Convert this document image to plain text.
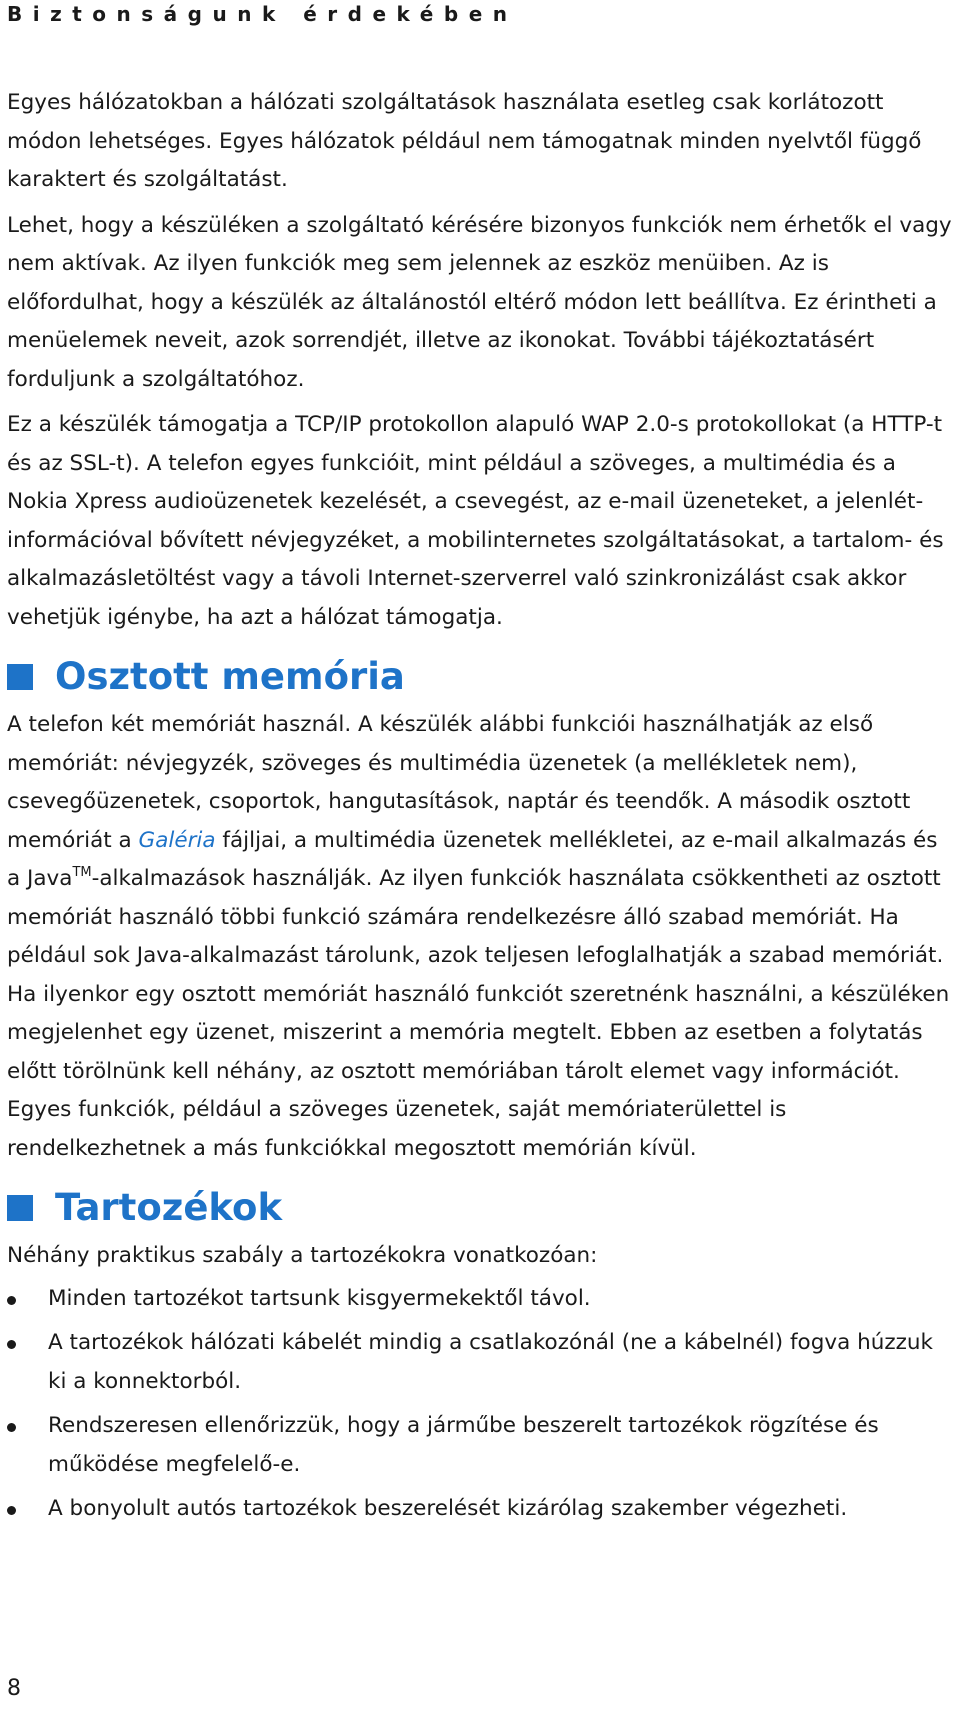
Biztonságunk érdekében

Egyes hálózatokban a hálózati szolgáltatások használata esetleg csak korlátozott módon lehetséges. Egyes hálózatok például nem támogatnak minden nyelvtől függő karaktert és szolgáltatást.

Lehet, hogy a készüléken a szolgáltató kérésére bizonyos funkciók nem érhetők el vagy nem aktívak. Az ilyen funkciók meg sem jelennek az eszköz menüiben. Az is előfordulhat, hogy a készülék az általánostól eltérő módon lett beállítva. Ez érintheti a menüelemek neveit, azok sorrendjét, illetve az ikonokat. További tájékoztatásért forduljunk a szolgáltatóhoz.

Ez a készülék támogatja a TCP/IP protokollon alapuló WAP 2.0-s protokollokat (a HTTP-t és az SSL-t). A telefon egyes funkcióit, mint például a szöveges, a multimédia és a Nokia Xpress audioüzenetek kezelését, a csevegést, az e-mail üzeneteket, a jelenlét-információval bővített névjegyzéket, a mobilinternetes szolgáltatásokat, a tartalom- és alkalmazásletöltést vagy a távoli Internet-szerverrel való szinkronizálást csak akkor vehetjük igénybe, ha azt a hálózat támogatja.

Osztott memória

A telefon két memóriát használ. A készülék alábbi funkciói használhatják az első memóriát: névjegyzék, szöveges és multimédia üzenetek (a mellékletek nem), csevegőüzenetek, csoportok, hangutasítások, naptár és teendők. A második osztott memóriát a Galéria fájljai, a multimédia üzenetek mellékletei, az e-mail alkalmazás és a Java™-alkalmazások használják. Az ilyen funkciók használata csökkentheti az osztott memóriát használó többi funkció számára rendelkezésre álló szabad memóriát. Ha például sok Java-alkalmazást tárolunk, azok teljesen lefoglalhatják a szabad memóriát. Ha ilyenkor egy osztott memóriát használó funkciót szeretnénk használni, a készüléken megjelenhet egy üzenet, miszerint a memória megtelt. Ebben az esetben a folytatás előtt törölnünk kell néhány, az osztott memóriában tárolt elemet vagy információt. Egyes funkciók, például a szöveges üzenetek, saját memóriaterülettel is rendelkezhetnek a más funkciókkal megosztott memórián kívül.

Tartozékok

Néhány praktikus szabály a tartozékokra vonatkozóan:

Minden tartozékot tartsunk kisgyermekektől távol.
A tartozékok hálózati kábelét mindig a csatlakozónál (ne a kábelnél) fogva húzzuk ki a konnektorból.
Rendszeresen ellenőrizzük, hogy a járműbe beszerelt tartozékok rögzítése és működése megfelelő-e.
A bonyolult autós tartozékok beszerelését kizárólag szakember végezheti.
8
